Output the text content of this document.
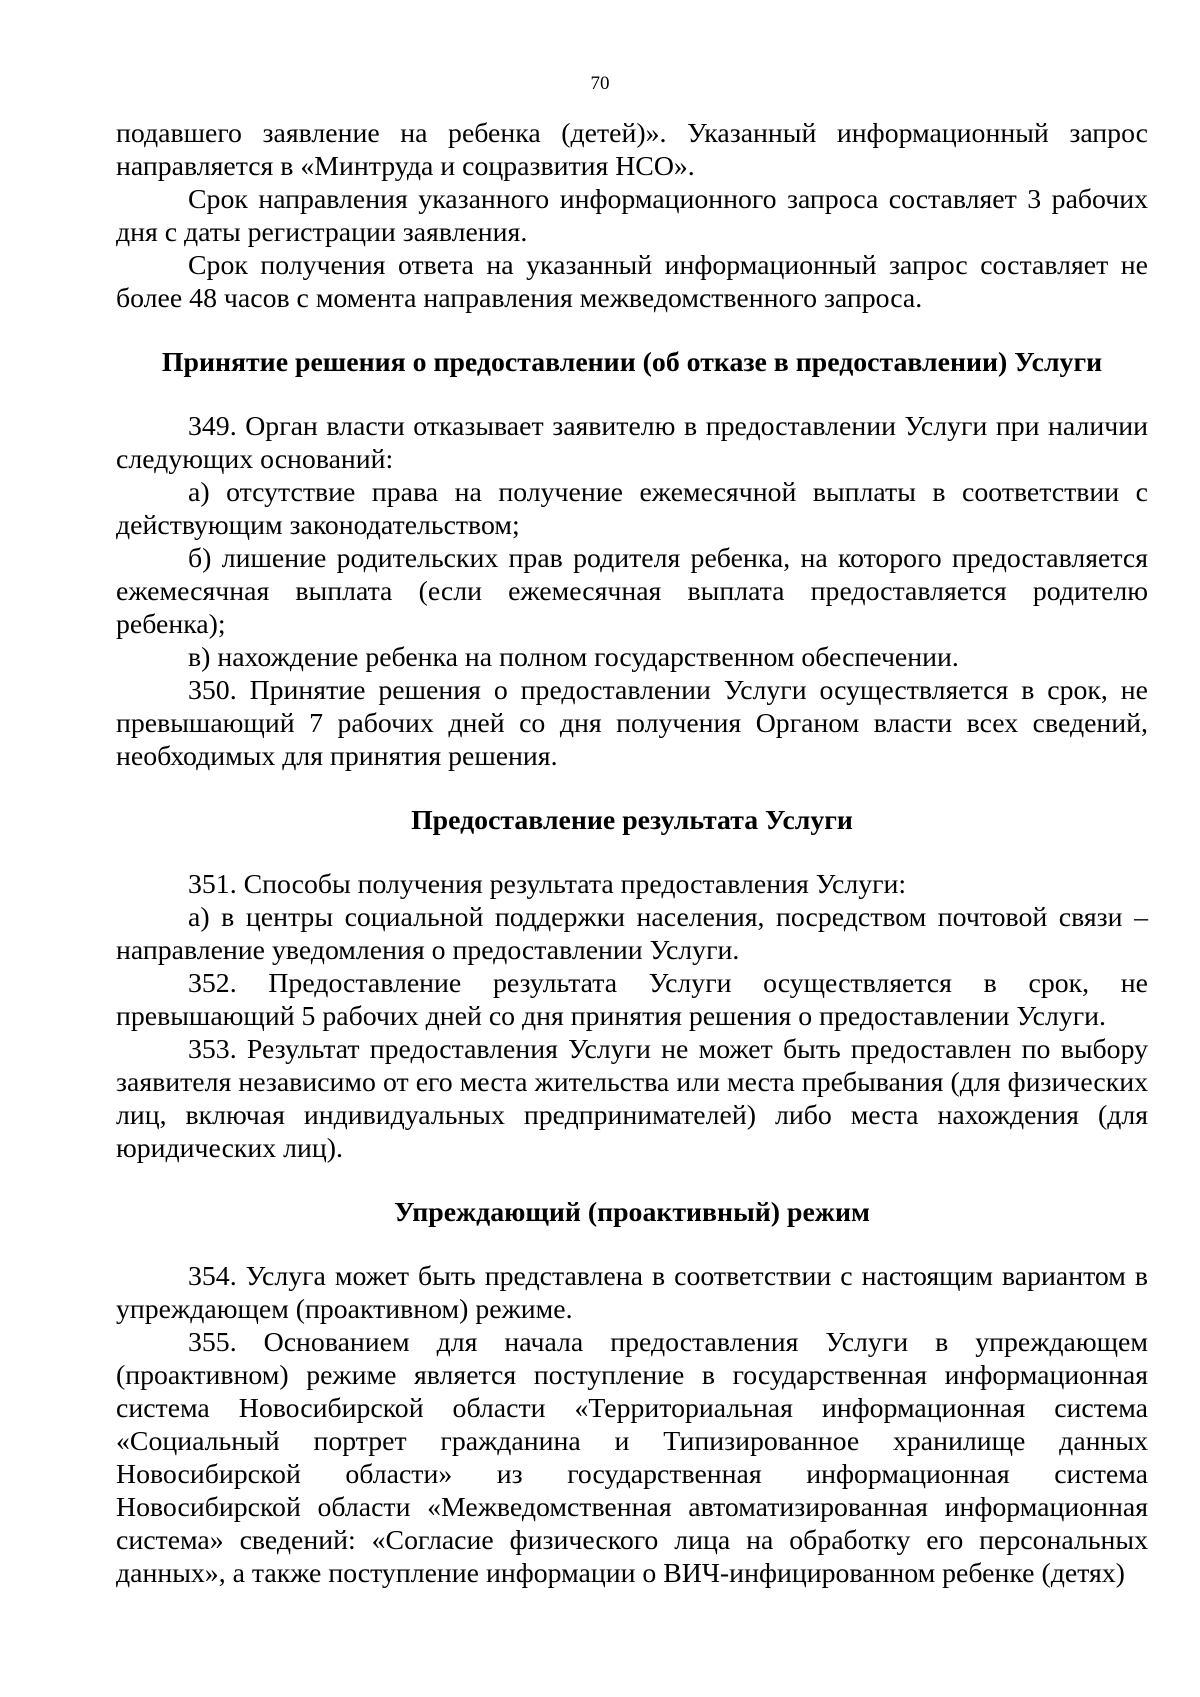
70

подавшего заявление на ребенка (детей)». Указанный информационный запрос направляется в «Минтруда и соцразвития НСО».

Срок направления указанного информационного запроса составляет 3 рабочих дня с даты регистрации заявления.

Срок получения ответа на указанный информационный запрос составляет не более 48 часов с момента направления межведомственного запроса.

Принятие решения о предоставлении (об отказе в предоставлении) Услуги

349. Орган власти отказывает заявителю в предоставлении Услуги при наличии следующих оснований:

а) отсутствие права на получение ежемесячной выплаты в соответствии с действующим законодательством;

б) лишение родительских прав родителя ребенка, на которого предоставляется ежемесячная выплата (если ежемесячная выплата предоставляется родителю ребенка);

в) нахождение ребенка на полном государственном обеспечении.

350. Принятие решения о предоставлении Услуги осуществляется в срок, не превышающий 7 рабочих дней со дня получения Органом власти всех сведений, необходимых для принятия решения.

Предоставление результата Услуги

351. Способы получения результата предоставления Услуги:

а) в центры социальной поддержки населения, посредством почтовой связи – направление уведомления о предоставлении Услуги.

352. Предоставление результата Услуги осуществляется в срок, не превышающий 5 рабочих дней со дня принятия решения о предоставлении Услуги.

353. Результат предоставления Услуги не может быть предоставлен по выбору заявителя независимо от его места жительства или места пребывания (для физических лиц, включая индивидуальных предпринимателей) либо места нахождения (для юридических лиц).

Упреждающий (проактивный) режим

354. Услуга может быть представлена в соответствии с настоящим вариантом в упреждающем (проактивном) режиме.

355. Основанием для начала предоставления Услуги в упреждающем (проактивном) режиме является поступление в государственная информационная система Новосибирской области «Территориальная информационная система «Социальный портрет гражданина и Типизированное хранилище данных Новосибирской области» из государственная информационная система Новосибирской области «Межведомственная автоматизированная информационная система» сведений: «Согласие физического лица на обработку его персональных данных», а также поступление информации о ВИЧ-инфицированном ребенке (детях)
